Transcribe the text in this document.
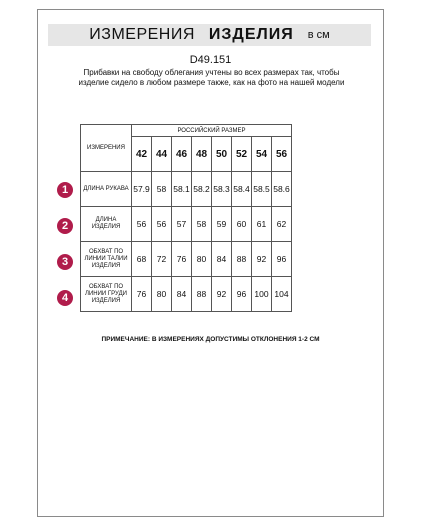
ИЗМЕРЕНИЯ ИЗДЕЛИЯ в см
D49.151
Прибавки на свободу облегания учтены во всех размерах так, чтобы изделие сидело в любом размере также, как на фото на нашей модели
ИЗМЕРЕНИЯ	РОССИЙСКИЙ РАЗМЕР							
	42	44	46	48	50	52	54	56
ДЛИНА РУКАВА	57.9	58	58.1	58.2	58.3	58.4	58.5	58.6
ДЛИНА ИЗДЕЛИЯ	56	56	57	58	59	60	61	62
ОБХВАТ ПО ЛИНИИ ТАЛИИ ИЗДЕЛИЯ	68	72	76	80	84	88	92	96
ОБХВАТ ПО ЛИНИИ ГРУДИ ИЗДЕЛИЯ	76	80	84	88	92	96	100	104
ПРИМЕЧАНИЕ: В ИЗМЕРЕНИЯХ ДОПУСТИМЫ ОТКЛОНЕНИЯ 1-2 СМ
1
2
3
4
